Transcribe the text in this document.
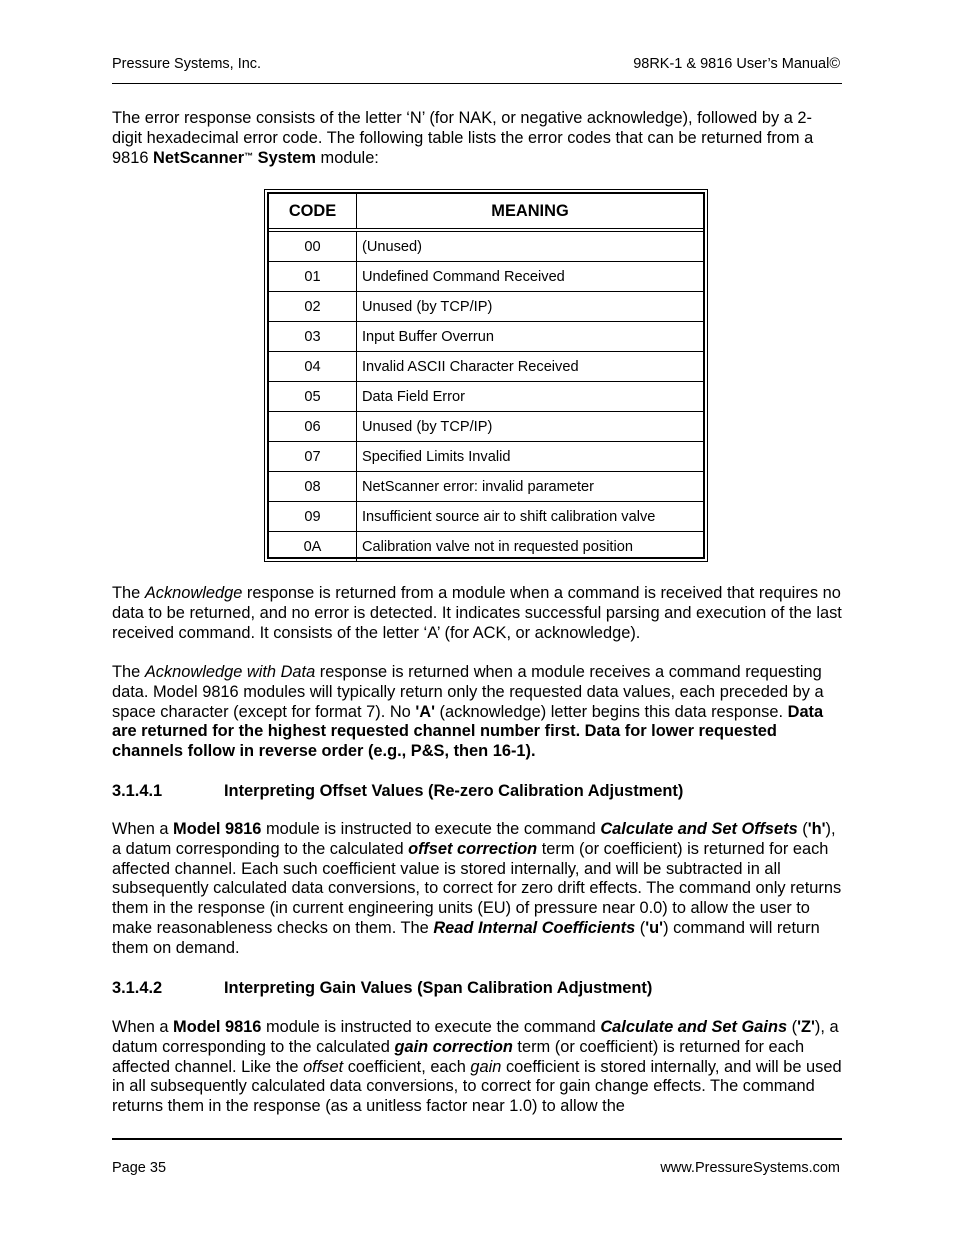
Pressure Systems, Inc.	98RK-1 & 9816 User’s Manual©

The error response consists of the letter ‘N’ (for NAK, or negative acknowledge), followed by a 2-digit hexadecimal error code. The following table lists the error codes that can be returned from a 9816 NetScanner™ System module:

CODE	MEANING
00	(Unused)
01	Undefined Command Received
02	Unused (by TCP/IP)
03	Input Buffer Overrun
04	Invalid ASCII Character Received
05	Data Field Error
06	Unused (by TCP/IP)
07	Specified Limits Invalid
08	NetScanner error: invalid parameter
09	Insufficient source air to shift calibration valve
0A	Calibration valve not in requested position

The Acknowledge response is returned from a module when a command is received that requires no data to be returned, and no error is detected. It indicates successful parsing and execution of the last received command. It consists of the letter ‘A’ (for ACK, or acknowledge).

The Acknowledge with Data response is returned when a module receives a command requesting data. Model 9816 modules will typically return only the requested data values, each preceded by a space character (except for format 7). No 'A' (acknowledge) letter begins this data response. Data are returned for the highest requested channel number first. Data for lower requested channels follow in reverse order (e.g., P&S, then 16-1).

3.1.4.1	Interpreting Offset Values (Re-zero Calibration Adjustment)

When a Model 9816 module is instructed to execute the command Calculate and Set Offsets ('h'), a datum corresponding to the calculated offset correction term (or coefficient) is returned for each affected channel. Each such coefficient value is stored internally, and will be subtracted in all subsequently calculated data conversions, to correct for zero drift effects. The command only returns them in the response (in current engineering units (EU) of pressure near 0.0) to allow the user to make reasonableness checks on them. The Read Internal Coefficients ('u') command will return them on demand.

3.1.4.2	Interpreting Gain Values (Span Calibration Adjustment)

When a Model 9816 module is instructed to execute the command Calculate and Set Gains ('Z'), a datum corresponding to the calculated gain correction term (or coefficient) is returned for each affected channel. Like the offset coefficient, each gain coefficient is stored internally, and will be used in all subsequently calculated data conversions, to correct for gain change effects. The command returns them in the response (as a unitless factor near 1.0) to allow the

Page 35	www.PressureSystems.com
